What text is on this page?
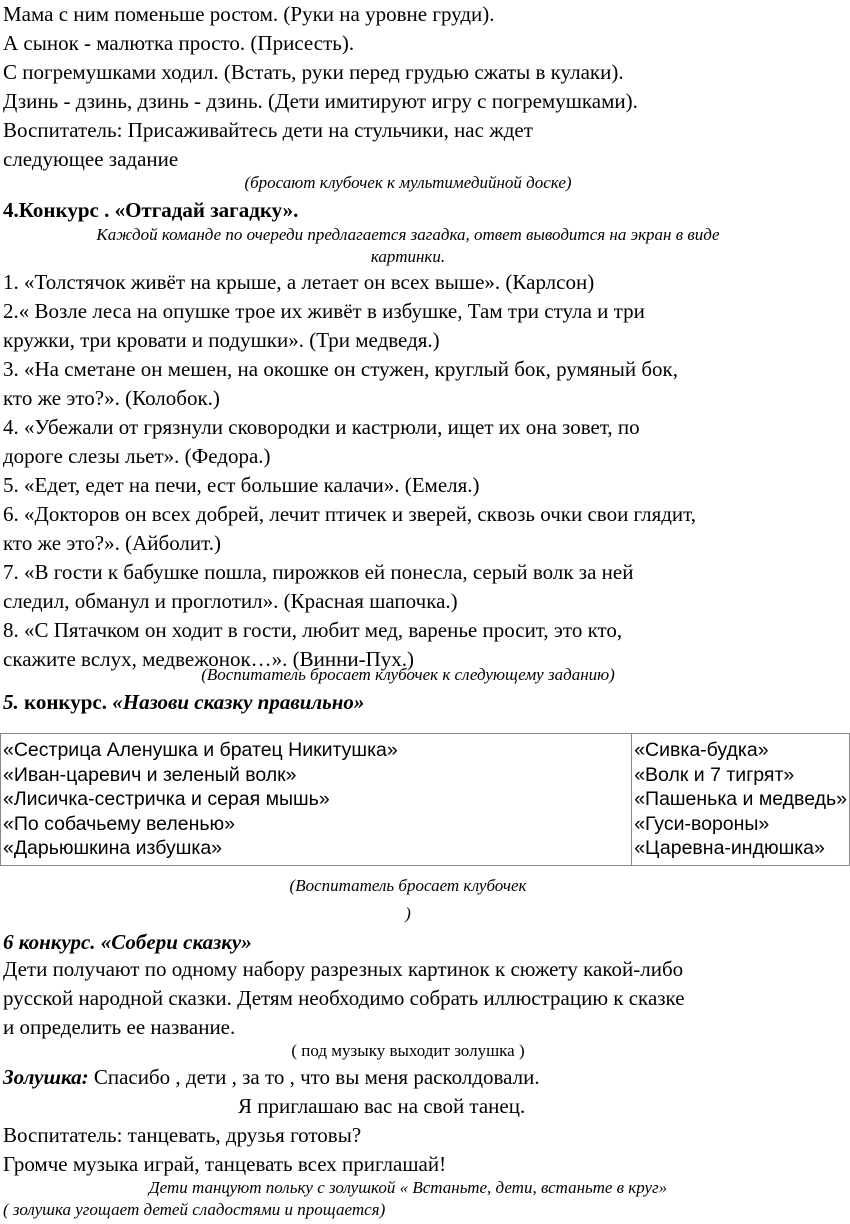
Мама с ним поменьше ростом. (Руки на уровне груди).
А сынок - малютка просто. (Присесть).
С погремушками ходил. (Встать, руки перед грудью сжаты в кулаки).
Дзинь - дзинь, дзинь - дзинь. (Дети имитируют игру с погремушками).
Воспитатель: Присаживайтесь дети на стульчики, нас ждет
следующее задание
(бросают клубочек к мультимедийной доске)
4.Конкурс . «Отгадай загадку».
Каждой команде по очереди предлагается загадка, ответ выводится на экран в виде
картинки.
1. «Толстячок живёт на крыше, а летает он всех выше». (Карлсон)
2.« Возле леса на опушке трое их живёт в избушке, Там три стула и три
кружки, три кровати и подушки». (Три медведя.)
3. «На сметане он мешен, на окошке он стужен, круглый бок, румяный бок,
кто же это?». (Колобок.)
4. «Убежали от грязнули сковородки и кастрюли, ищет их она зовет, по
дороге слезы льет». (Федора.)
5. «Едет, едет на печи, ест большие калачи». (Емеля.)
6. «Докторов он всех добрей, лечит птичек и зверей, сквозь очки свои глядит,
кто же это?». (Айболит.)
7. «В гости к бабушке пошла, пирожков ей понесла, серый волк за ней
следил, обманул и проглотил». (Красная шапочка.)
8. «С Пятачком он ходит в гости, любит мед, варенье просит, это кто,
скажите вслух, медвежонок…». (Винни-Пух.)
(Воспитатель бросает клубочек к следующему заданию)
5. конкурс. «Назови сказку правильно»
«Сестрица Аленушка и братец Никитушка»
«Иван-царевич и зеленый волк»
«Лисичка-сестричка и серая мышь»
«По собачьему веленью»
«Дарьюшкина избушка»

«Сивка-будка»
«Волк и 7 тигрят»
«Пашенька и медведь»
«Гуси-вороны»
«Царевна-индюшка»
(Воспитатель бросает клубочек
)
6 конкурс. «Собери сказку»
Дети получают по одному набору разрезных картинок к сюжету какой-либо
русской народной сказки. Детям необходимо собрать иллюстрацию к сказке
и определить ее название.
( под музыку выходит золушка )
Золушка: Спасибо , дети , за то , что вы меня расколдовали.
Я приглашаю вас на свой танец.
Воспитатель: танцевать, друзья готовы?
Громче музыка играй, танцевать всех приглашай!
Дети танцуют польку с золушкой « Встаньте, дети, встаньте в круг»
( золушка угощает детей сладостями и прощается)
